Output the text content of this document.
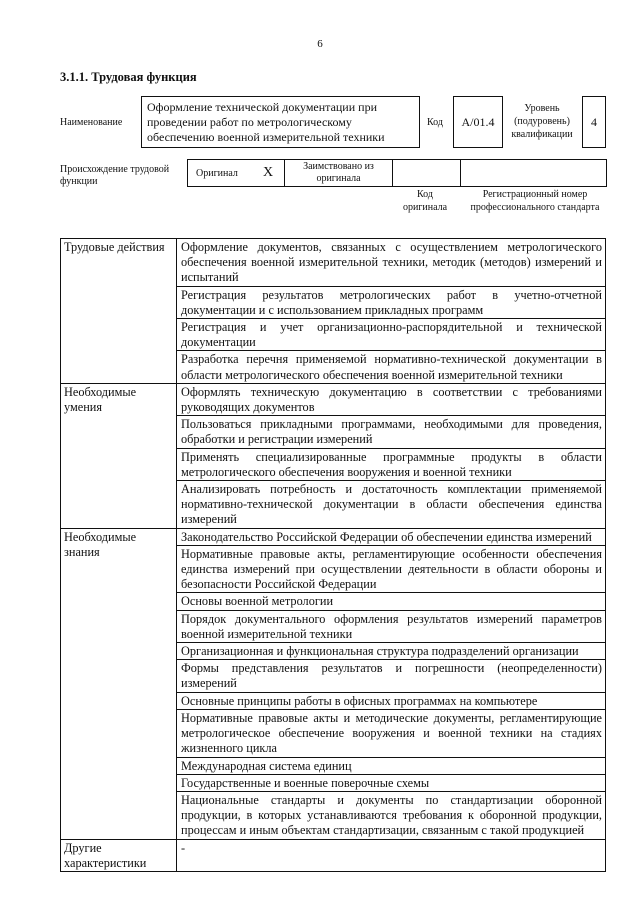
6
3.1.1. Трудовая функция
Наименование
Оформление технической документации при проведении работ по метрологическому обеспечению военной измерительной техники
Код	А/01.4
Уровень (подуровень) квалификации
4
Происхождение трудовой функции
Оригинал X	Заимствовано из оригинала
Код оригинала
Регистрационный номер профессионального стандарта
Трудовые действия	Оформление документов, связанных с осуществлением метрологического обеспечения военной измерительной техники, методик (методов) измерений и испытаний
	Регистрация результатов метрологических работ в учетно-отчетной документации и с использованием прикладных программ
	Регистрация и учет организационно-распорядительной и технической документации
	Разработка перечня применяемой нормативно-технической документации в области метрологического обеспечения военной измерительной техники
Необходимые умения	Оформлять техническую документацию в соответствии с требованиями руководящих документов
	Пользоваться прикладными программами, необходимыми для проведения, обработки и регистрации измерений
	Применять специализированные программные продукты в области метрологического обеспечения вооружения и военной техники
	Анализировать потребность и достаточность комплектации применяемой нормативно-технической документации в области обеспечения единства измерений
Необходимые знания	Законодательство Российской Федерации об обеспечении единства измерений
	Нормативные правовые акты, регламентирующие особенности обеспечения единства измерений при осуществлении деятельности в области обороны и безопасности Российской Федерации
	Основы военной метрологии
	Порядок документального оформления результатов измерений параметров военной измерительной техники
	Организационная и функциональная структура подразделений организации
	Формы представления результатов и погрешности (неопределенности) измерений
	Основные принципы работы в офисных программах на компьютере
	Нормативные правовые акты и методические документы, регламентирующие метрологическое обеспечение вооружения и военной техники на стадиях жизненного цикла
	Международная система единиц
	Государственные и военные поверочные схемы
	Национальные стандарты и документы по стандартизации оборонной продукции, в которых устанавливаются требования к оборонной продукции, процессам и иным объектам стандартизации, связанным с такой продукцией
Другие характеристики	-
